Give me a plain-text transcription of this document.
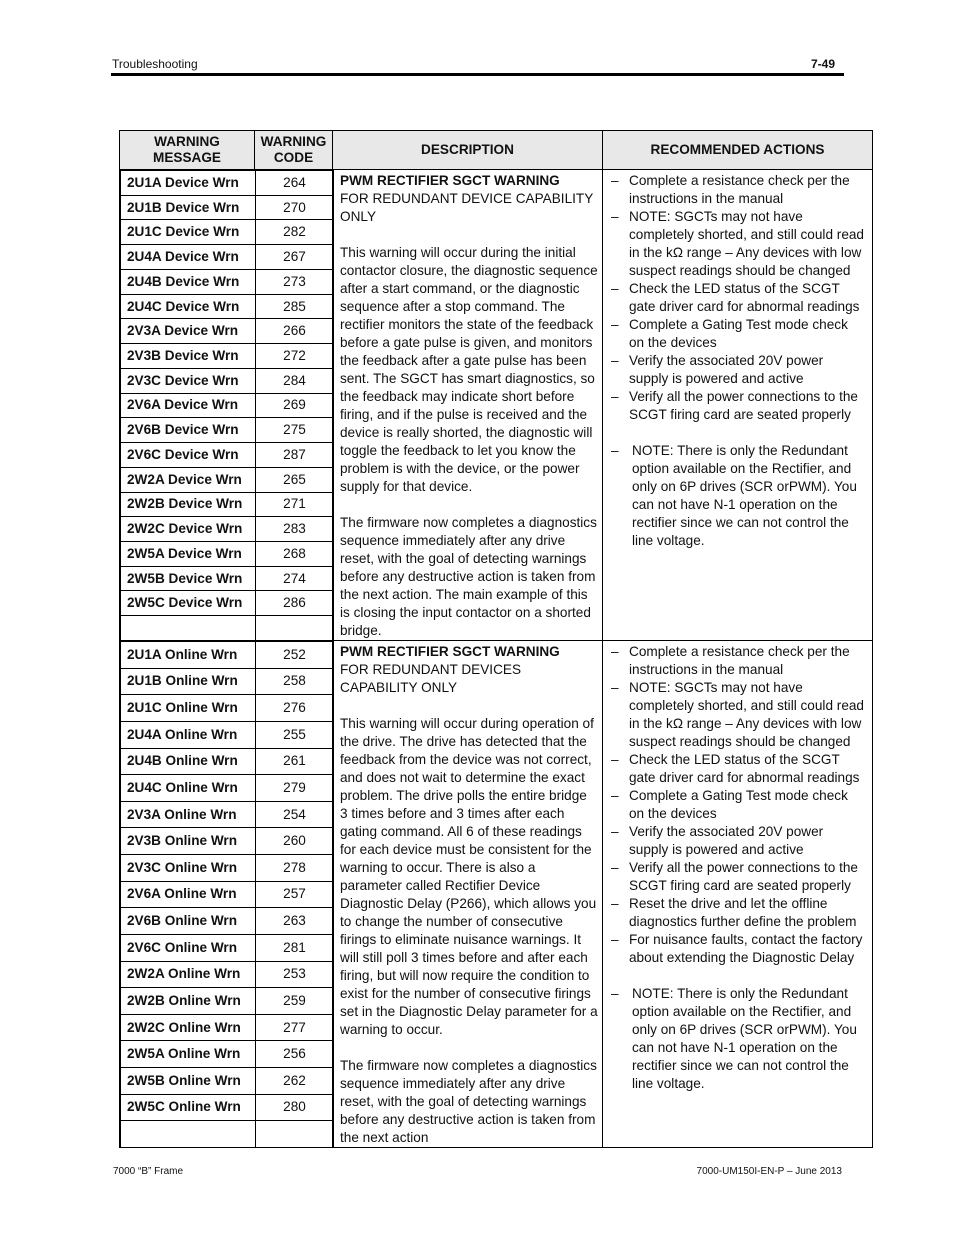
Troubleshooting	7-49
WARNING MESSAGE	WARNING CODE	DESCRIPTION	RECOMMENDED ACTIONS

2U1A Device Wrn	264
2U1B Device Wrn	270
2U1C Device Wrn	282
2U4A Device Wrn	267
2U4B Device Wrn	273
2U4C Device Wrn	285
2V3A Device Wrn	266
2V3B Device Wrn	272
2V3C Device Wrn	284
2V6A Device Wrn	269
2V6B Device Wrn	275
2V6C Device Wrn	287
2W2A Device Wrn	265
2W2B Device Wrn	271
2W2C Device Wrn	283
2W5A Device Wrn	268
2W5B Device Wrn	274
2W5C Device Wrn	286

PWM RECTIFIER SGCT WARNING
FOR REDUNDANT DEVICE CAPABILITY ONLY
This warning will occur during the initial contactor closure, the diagnostic sequence after a start command, or the diagnostic sequence after a stop command. The rectifier monitors the state of the feedback before a gate pulse is given, and monitors the feedback after a gate pulse has been sent. The SGCT has smart diagnostics, so the feedback may indicate short before firing, and if the pulse is received and the device is really shorted, the diagnostic will toggle the feedback to let you know the problem is with the device, or the power supply for that device.
The firmware now completes a diagnostics sequence immediately after any drive reset, with the goal of detecting warnings before any destructive action is taken from the next action. The main example of this is closing the input contactor on a shorted bridge.

– Complete a resistance check per the instructions in the manual
– NOTE: SGCTs may not have completely shorted, and still could read in the kΩ range – Any devices with low suspect readings should be changed
– Check the LED status of the SCGT gate driver card for abnormal readings
– Complete a Gating Test mode check on the devices
– Verify the associated 20V power supply is powered and active
– Verify all the power connections to the SCGT firing card are seated properly
– NOTE: There is only the Redundant option available on the Rectifier, and only on 6P drives (SCR orPWM). You can not have N-1 operation on the rectifier since we can not control the line voltage.

2U1A Online Wrn	252
2U1B Online Wrn	258
2U1C Online Wrn	276
2U4A Online Wrn	255
2U4B Online Wrn	261
2U4C Online Wrn	279
2V3A Online Wrn	254
2V3B Online Wrn	260
2V3C Online Wrn	278
2V6A Online Wrn	257
2V6B Online Wrn	263
2V6C Online Wrn	281
2W2A Online Wrn	253
2W2B Online Wrn	259
2W2C Online Wrn	277
2W5A Online Wrn	256
2W5B Online Wrn	262
2W5C Online Wrn	280

PWM RECTIFIER SGCT WARNING
FOR REDUNDANT DEVICES CAPABILITY ONLY
This warning will occur during operation of the drive. The drive has detected that the feedback from the device was not correct, and does not wait to determine the exact problem. The drive polls the entire bridge 3 times before and 3 times after each gating command. All 6 of these readings for each device must be consistent for the warning to occur. There is also a parameter called Rectifier Device Diagnostic Delay (P266), which allows you to change the number of consecutive firings to eliminate nuisance warnings. It will still poll 3 times before and after each firing, but will now require the condition to exist for the number of consecutive firings set in the Diagnostic Delay parameter for a warning to occur.
The firmware now completes a diagnostics sequence immediately after any drive reset, with the goal of detecting warnings before any destructive action is taken from the next action

– Complete a resistance check per the instructions in the manual
– NOTE: SGCTs may not have completely shorted, and still could read in the kΩ range – Any devices with low suspect readings should be changed
– Check the LED status of the SCGT gate driver card for abnormal readings
– Complete a Gating Test mode check on the devices
– Verify the associated 20V power supply is powered and active
– Verify all the power connections to the SCGT firing card are seated properly
– Reset the drive and let the offline diagnostics further define the problem
– For nuisance faults, contact the factory about extending the Diagnostic Delay
– NOTE: There is only the Redundant option available on the Rectifier, and only on 6P drives (SCR orPWM). You can not have N-1 operation on the rectifier since we can not control the line voltage.
7000 “B” Frame	7000-UM150I-EN-P – June 2013
